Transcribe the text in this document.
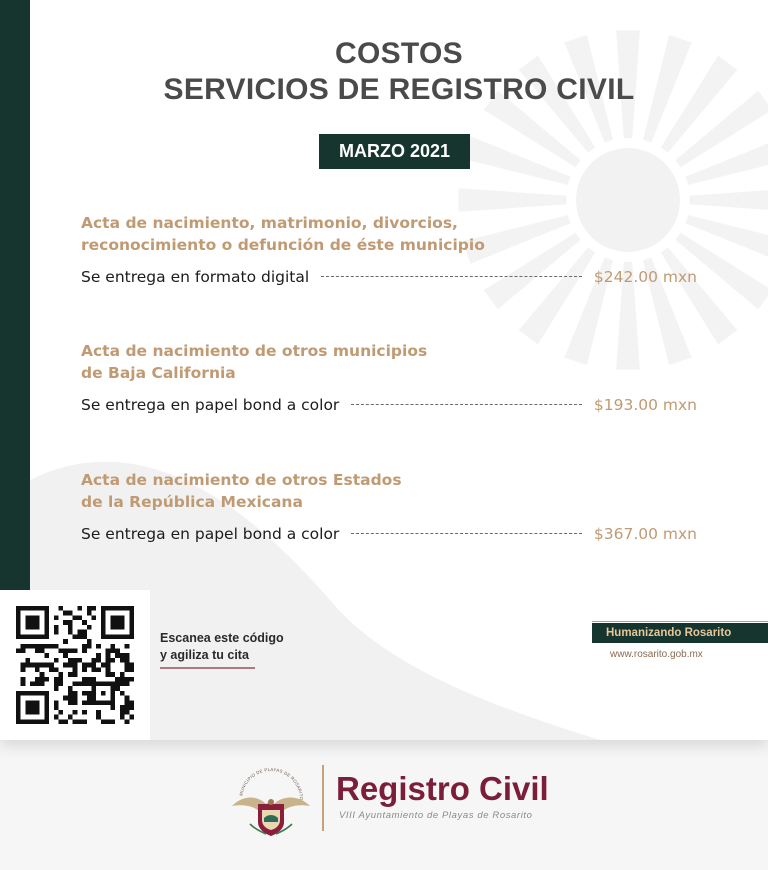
COSTOS
SERVICIOS DE REGISTRO CIVIL
MARZO 2021
Acta de nacimiento, matrimonio, divorcios,
reconocimiento o defunción de éste municipio
Se entrega en formato digital	$242.00 mxn
Acta de nacimiento de otros municipios
de Baja California
Se entrega en papel bond a color	$193.00 mxn
Acta de nacimiento de otros Estados
de la República Mexicana
Se entrega en papel bond a color	$367.00 mxn
Escanea este código
y agiliza tu cita
Humanizando Rosarito
www.rosarito.gob.mx
MUNICIPIO DE PLAYAS DE ROSARITO Registro Civil
VIII Ayuntamiento de Playas de Rosarito
